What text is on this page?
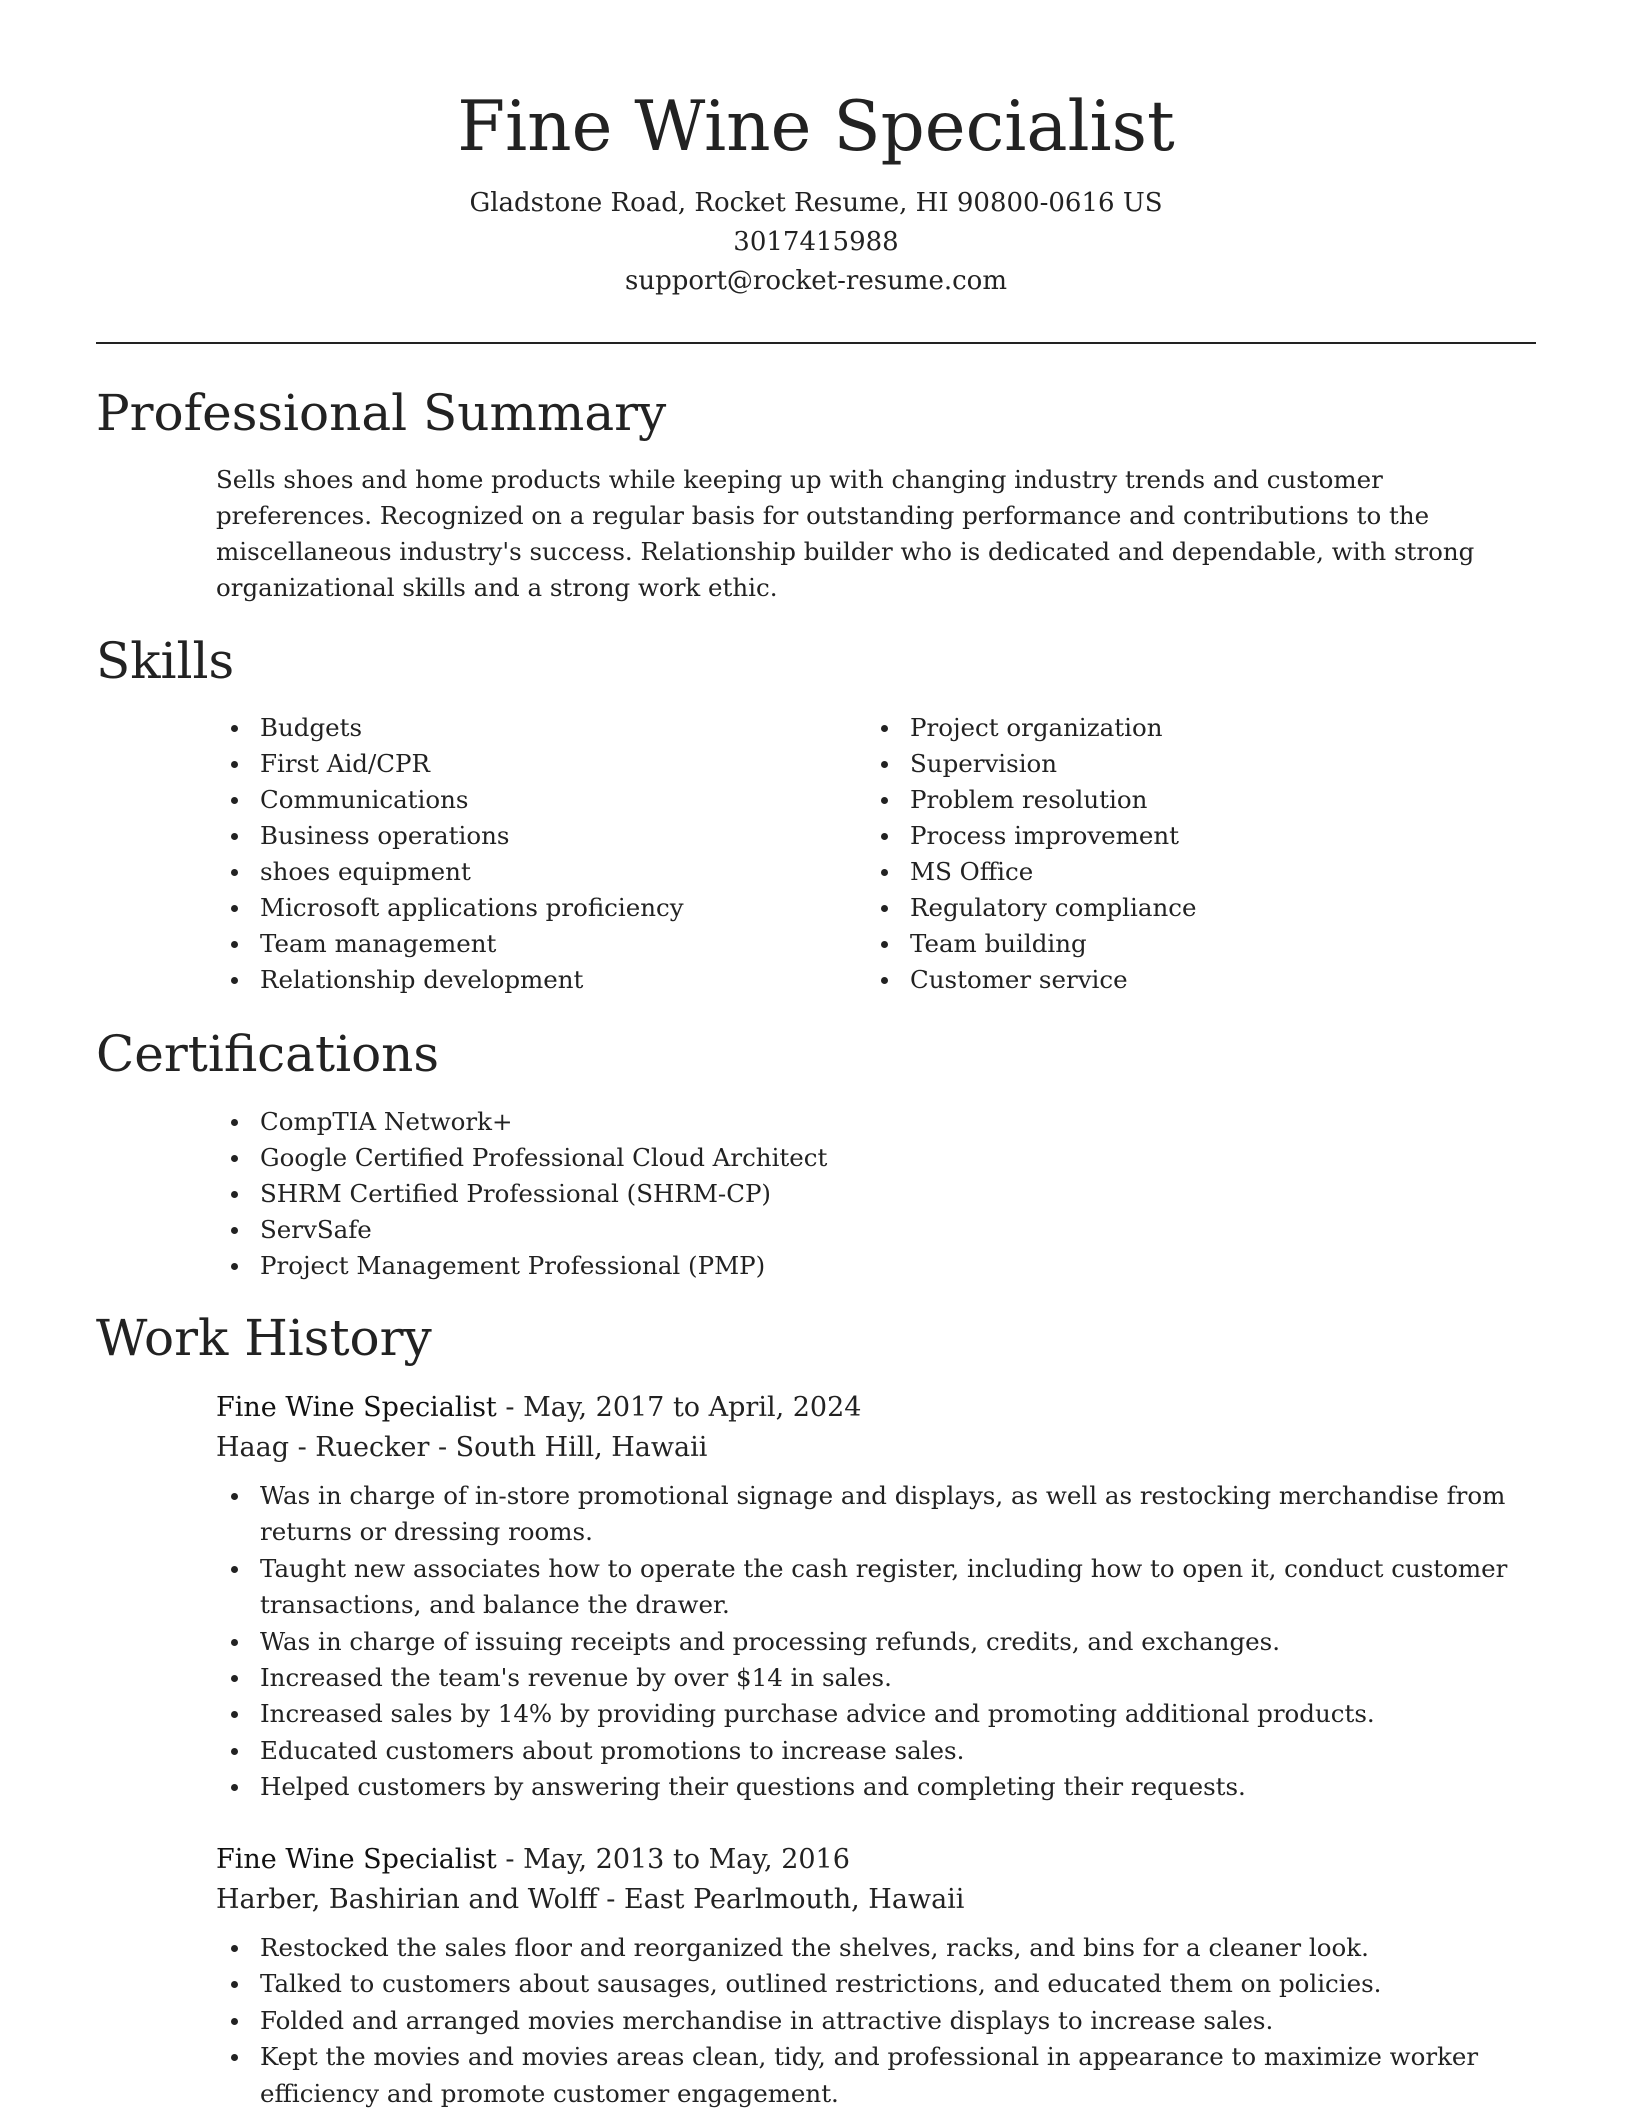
Fine Wine Specialist
Gladstone Road, Rocket Resume, HI 90800-0616 US
3017415988
support@rocket-resume.com
Professional Summary
Sells shoes and home products while keeping up with changing industry trends and customer preferences. Recognized on a regular basis for outstanding performance and contributions to the miscellaneous industry's success. Relationship builder who is dedicated and dependable, with strong organizational skills and a strong work ethic.
Skills
Budgets
First Aid/CPR
Communications
Business operations
shoes equipment
Microsoft applications proficiency
Team management
Relationship development
Project organization
Supervision
Problem resolution
Process improvement
MS Office
Regulatory compliance
Team building
Customer service
Certifications
CompTIA Network+
Google Certified Professional Cloud Architect
SHRM Certified Professional (SHRM-CP)
ServSafe
Project Management Professional (PMP)
Work History
Fine Wine Specialist - May, 2017 to April, 2024
Haag - Ruecker - South Hill, Hawaii
Was in charge of in-store promotional signage and displays, as well as restocking merchandise from returns or dressing rooms.
Taught new associates how to operate the cash register, including how to open it, conduct customer transactions, and balance the drawer.
Was in charge of issuing receipts and processing refunds, credits, and exchanges.
Increased the team's revenue by over $14 in sales.
Increased sales by 14% by providing purchase advice and promoting additional products.
Educated customers about promotions to increase sales.
Helped customers by answering their questions and completing their requests.
Fine Wine Specialist - May, 2013 to May, 2016
Harber, Bashirian and Wolff - East Pearlmouth, Hawaii
Restocked the sales floor and reorganized the shelves, racks, and bins for a cleaner look.
Talked to customers about sausages, outlined restrictions, and educated them on policies.
Folded and arranged movies merchandise in attractive displays to increase sales.
Kept the movies and movies areas clean, tidy, and professional in appearance to maximize worker efficiency and promote customer engagement.
